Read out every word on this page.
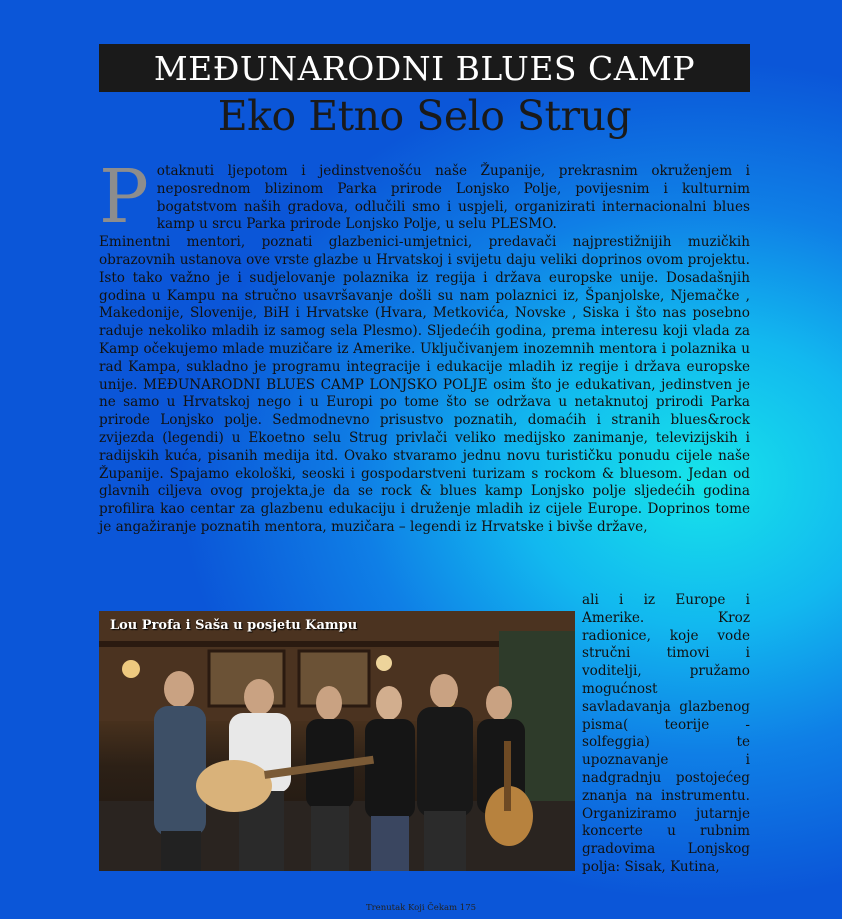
MEĐUNARODNI BLUES CAMP
Eko Etno Selo Strug
P otaknuti ljepotom i jedinstvenošću naše Županije, prekrasnim okruženjem i neposrednom blizinom Parka prirode Lonjsko Polje, povijesnim i kulturnim bogatstvom naših gradova, odlučili smo i uspjeli, organizirati internacionalni blues kamp u srcu Parka prirode Lonjsko Polje, u selu PLESMO.
Eminentni mentori, poznati glazbenici-umjetnici, predavači najprestižnijih muzičkih obrazovnih ustanova ove vrste glazbe u Hrvatskoj i svijetu daju veliki doprinos ovom projektu. Isto tako važno je i sudjelovanje polaznika iz regija i država europske unije. Dosadašnjih godina u Kampu na stručno usavršavanje došli su nam polaznici iz, Španjolske, Njemačke , Makedonije, Slovenije, BiH i Hrvatske (Hvara, Metkovića, Novske , Siska i što nas posebno raduje nekoliko mladih iz samog sela Plesmo). Sljedećih godina, prema interesu koji vlada za Kamp očekujemo mlade muzičare iz Amerike. Uključivanjem inozemnih mentora i polaznika u rad Kampa, sukladno je programu integracije i edukacije mladih iz regije i država europske unije. MEĐUNARODNI BLUES CAMP LONJSKO POLJE osim što je edukativan, jedinstven je ne samo u Hrvatskoj nego i u Europi po tome što se održava u netaknutoj prirodi Parka prirode Lonjsko polje. Sedmodnevno prisustvo poznatih, domaćih i stranih blues&rock zvijezda (legendi) u Ekoetno selu Strug privlači veliko medijsko zanimanje, televizijskih i radijskih kuća, pisanih medija itd. Ovako stvaramo jednu novu turističku ponudu cijele naše Županije. Spajamo ekološki, seoski i gospodarstveni turizam s rockom & bluesom. Jedan od glavnih ciljeva ovog projekta,je da se rock & blues kamp Lonjsko polje sljedećih godina profilira kao centar za glazbenu edukaciju i druženje mladih iz cijele Europe. Doprinos tome je angažiranje poznatih mentora, muzičara – legendi iz Hrvatske i bivše države,
Lou Profa i Saša u posjetu Kampu
ali i iz Europe i Amerike. Kroz radionice, koje vode stručni timovi i voditelji, pružamo mogućnost savladavanja glazbenog pisma( teorije -solfeggia) te upoznavanje i nadgradnju postojećeg znanja na instrumentu. Organiziramo jutarnje koncerte u rubnim gradovima Lonjskog polja: Sisak, Kutina,
Trenutak Koji Čekam 175
